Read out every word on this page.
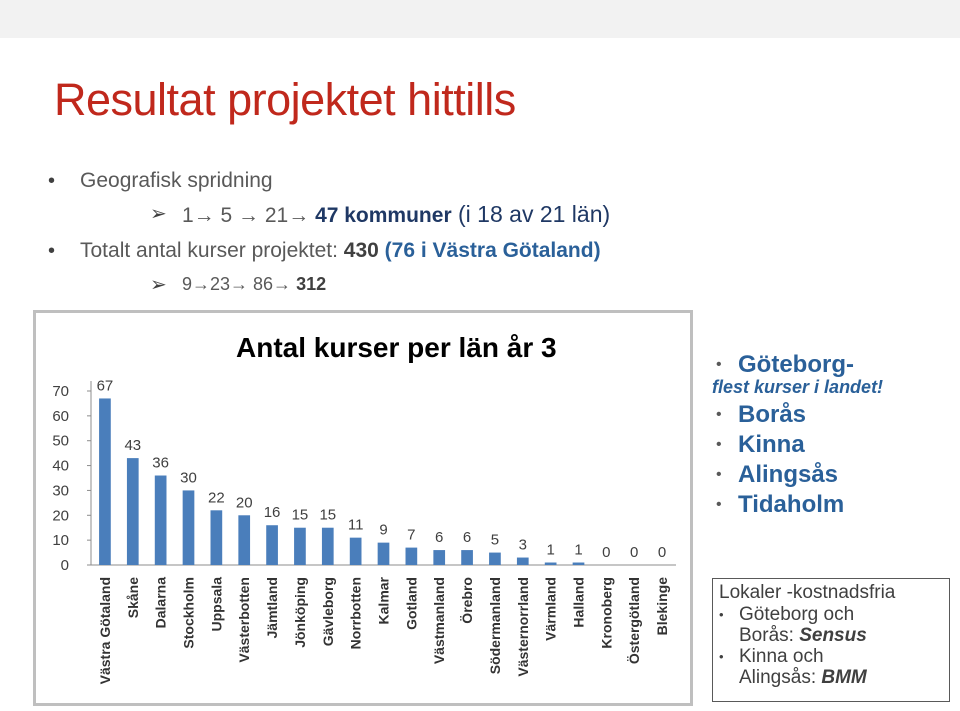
Resultat projektet hittills
• Geografisk spridning
➢ 1→ 5 → 21→ 47 kommuner (i 18 av 21 län)
• Totalt antal kurser projektet: 430 (76 i Västra Götaland)
➢ 9→23→ 86→ 312
Antal kurser per län år 3
0
10
20
30
40
50
60
70 67
Västra Götaland
43
Skåne
36
Dalarna
30
Stockholm
22
Uppsala
20
Västerbotten
16
Jämtland
15
Jönköping
15
Gävleborg
11
Norrbotten
9
Kalmar
7
Gotland
6
Västmanland
6
Örebro
5
Södermanland
3
Västernorrland
1
Värmland
1
Halland
0
Kronoberg
0
Östergötland
0
Blekinge
• Göteborg-
flest kurser i landet!
• Borås
• Kinna
• Alingsås
• Tidaholm
Lokaler -kostnadsfria
• Göteborg och
Borås: Sensus
• Kinna och
Alingsås: BMM
